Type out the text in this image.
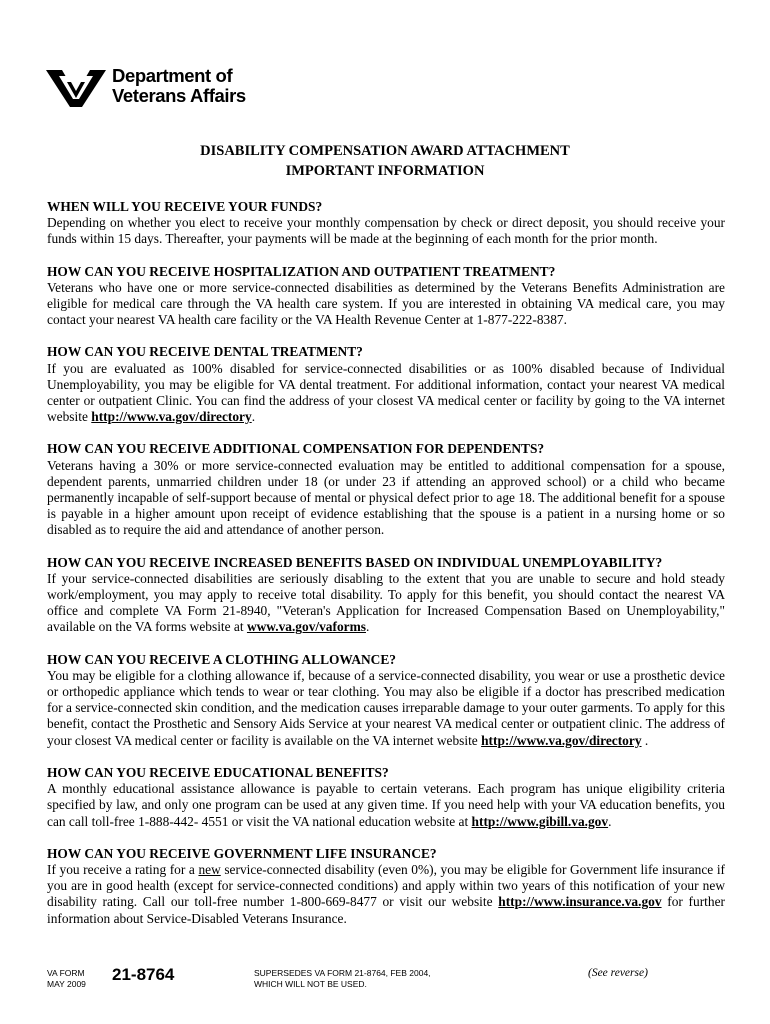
Department of
Veterans Affairs
DISABILITY COMPENSATION AWARD ATTACHMENT
IMPORTANT INFORMATION
WHEN WILL YOU RECEIVE YOUR FUNDS?
Depending on whether you elect to receive your monthly compensation by check or direct deposit, you should receive your funds within 15 days. Thereafter, your payments will be made at the beginning of each month for the prior month.
HOW CAN YOU RECEIVE HOSPITALIZATION AND OUTPATIENT TREATMENT?
Veterans who have one or more service-connected disabilities as determined by the Veterans Benefits Administration are eligible for medical care through the VA health care system. If you are interested in obtaining VA medical care, you may contact your nearest VA health care facility or the VA Health Revenue Center at 1-877-222-8387.
HOW CAN YOU RECEIVE DENTAL TREATMENT?
If you are evaluated as 100% disabled for service-connected disabilities or as 100% disabled because of Individual Unemployability, you may be eligible for VA dental treatment. For additional information, contact your nearest VA medical center or outpatient Clinic. You can find the address of your closest VA medical center or facility by going to the VA internet website http://www.va.gov/directory.
HOW CAN YOU RECEIVE ADDITIONAL COMPENSATION FOR DEPENDENTS?
Veterans having a 30% or more service-connected evaluation may be entitled to additional compensation for a spouse, dependent parents, unmarried children under 18 (or under 23 if attending an approved school) or a child who became permanently incapable of self-support because of mental or physical defect prior to age 18. The additional benefit for a spouse is payable in a higher amount upon receipt of evidence establishing that the spouse is a patient in a nursing home or so disabled as to require the aid and attendance of another person.
HOW CAN YOU RECEIVE INCREASED BENEFITS BASED ON INDIVIDUAL UNEMPLOYABILITY?
If your service-connected disabilities are seriously disabling to the extent that you are unable to secure and hold steady work/employment, you may apply to receive total disability. To apply for this benefit, you should contact the nearest VA office and complete VA Form 21-8940, "Veteran's Application for Increased Compensation Based on Unemployability," available on the VA forms website at www.va.gov/vaforms.
HOW CAN YOU RECEIVE A CLOTHING ALLOWANCE?
You may be eligible for a clothing allowance if, because of a service-connected disability, you wear or use a prosthetic device or orthopedic appliance which tends to wear or tear clothing. You may also be eligible if a doctor has prescribed medication for a service-connected skin condition, and the medication causes irreparable damage to your outer garments. To apply for this benefit, contact the Prosthetic and Sensory Aids Service at your nearest VA medical center or outpatient clinic. The address of your closest VA medical center or facility is available on the VA internet website http://www.va.gov/directory .
HOW CAN YOU RECEIVE EDUCATIONAL BENEFITS?
A monthly educational assistance allowance is payable to certain veterans. Each program has unique eligibility criteria specified by law, and only one program can be used at any given time. If you need help with your VA education benefits, you can call toll-free 1-888-442- 4551 or visit the VA national education website at http://www.gibill.va.gov.
HOW CAN YOU RECEIVE GOVERNMENT LIFE INSURANCE?
If you receive a rating for a new service-connected disability (even 0%), you may be eligible for Government life insurance if you are in good health (except for service-connected conditions) and apply within two years of this notification of your new disability rating. Call our toll-free number 1-800-669-8477 or visit our website http://www.insurance.va.gov for further information about Service-Disabled Veterans Insurance.
VA FORM
MAY 2009 21-8764	SUPERSEDES VA FORM 21-8764, FEB 2004,
WHICH WILL NOT BE USED.
(See reverse)
